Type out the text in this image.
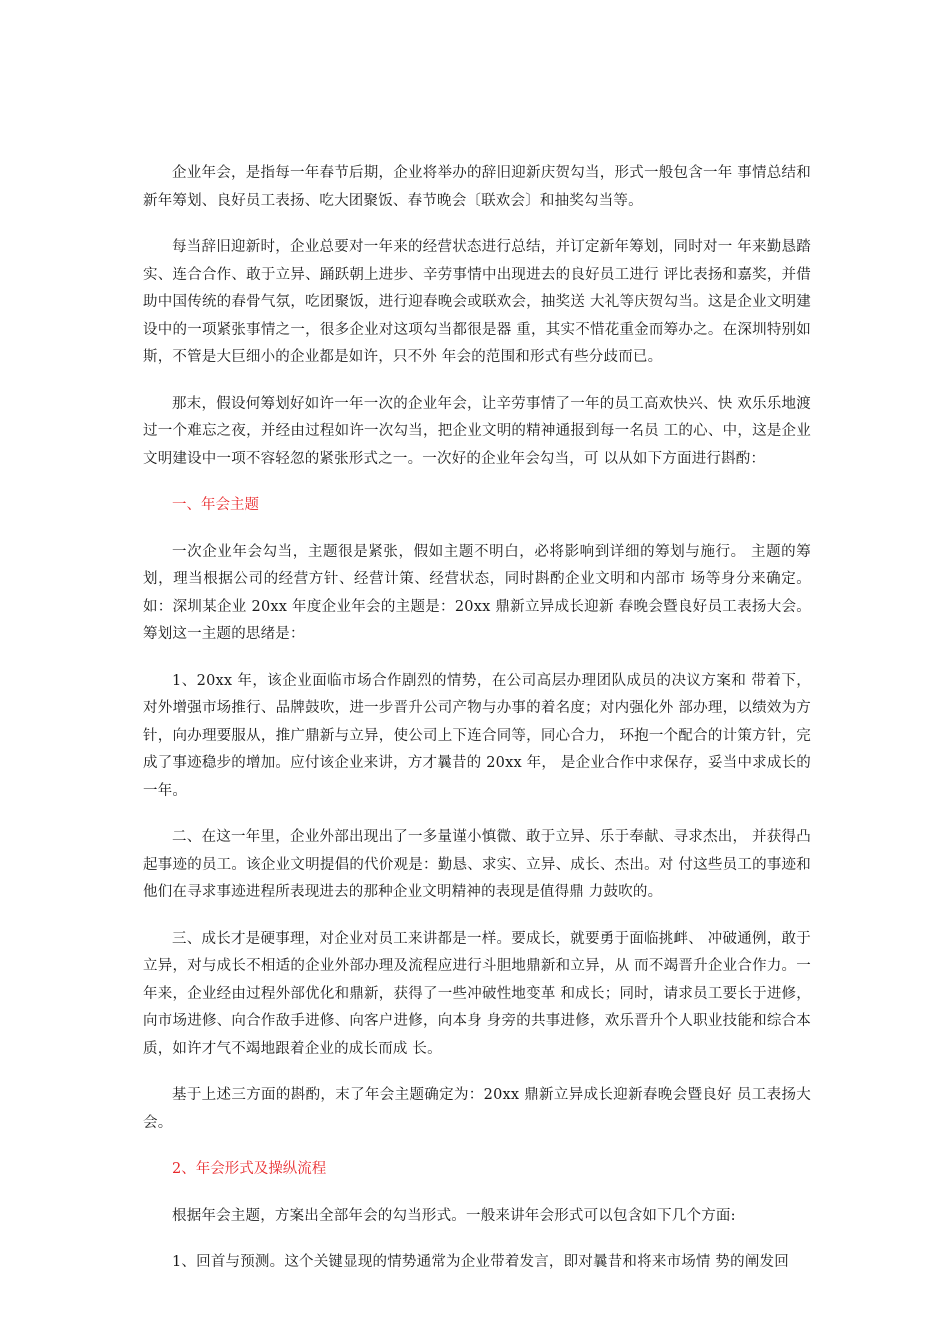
企业年会，是指每一年春节后期，企业将举办的辞旧迎新庆贺勾当，形式一般包含一年 事情总结和新年筹划、良好员工表扬、吃大团聚饭、春节晚会〔联欢会〕和抽奖勾当等。

每当辞旧迎新时，企业总要对一年来的经营状态进行总结，并订定新年筹划，同时对一 年来勤恳踏实、连合合作、敢于立异、踊跃朝上进步、辛劳事情中出现进去的良好员工进行 评比表扬和嘉奖，并借助中国传统的春骨气氛，吃团聚饭，进行迎春晚会或联欢会，抽奖送 大礼等庆贺勾当。这是企业文明建设中的一项紧张事情之一，很多企业对这项勾当都很是器 重，其实不惜花重金而筹办之。在深圳特别如斯，不管是大巨细小的企业都是如许，只不外 年会的范围和形式有些分歧而已。

那末，假设何筹划好如许一年一次的企业年会，让辛劳事情了一年的员工高欢快兴、快 欢乐乐地渡过一个难忘之夜，并经由过程如许一次勾当，把企业文明的精神通报到每一名员 工的心、中，这是企业文明建设中一项不容轻忽的紧张形式之一。一次好的企业年会勾当，可 以从如下方面进行斟酌：

一、年会主题

一次企业年会勾当，主题很是紧张，假如主题不明白，必将影响到详细的筹划与施行。 主题的筹划，理当根据公司的经营方针、经营计策、经营状态，同时斟酌企业文明和内部市 场等身分来确定。如：深圳某企业 20xx 年度企业年会的主题是：20xx 鼎新立异成长迎新 春晚会暨良好员工表扬大会。筹划这一主题的思绪是：

1、20xx 年，该企业面临市场合作剧烈的情势，在公司高层办理团队成员的决议方案和 带着下，对外增强市场推行、品牌鼓吹，进一步晋升公司产物与办事的着名度；对内强化外 部办理，以绩效为方针，向办理要服从，推广鼎新与立异，使公司上下连合同等，同心合力， 环抱一个配合的计策方针，完成了事迹稳步的增加。应付该企业来讲，方才曩昔的 20xx 年， 是企业合作中求保存，妥当中求成长的一年。

二、在这一年里，企业外部出现出了一多量谨小慎微、敢于立异、乐于奉献、寻求杰出， 并获得凸起事迹的员工。该企业文明提倡的代价观是：勤恳、求实、立异、成长、杰出。对 付这些员工的事迹和他们在寻求事迹进程所表现进去的那种企业文明精神的表现是值得鼎 力鼓吹的。

三、成长才是硬事理，对企业对员工来讲都是一样。要成长，就要勇于面临挑衅、 冲破通例，敢于立异，对与成长不相适的企业外部办理及流程应进行斗胆地鼎新和立异，从 而不竭晋升企业合作力。一年来，企业经由过程外部优化和鼎新，获得了一些冲破性地变革 和成长；同时，请求员工要长于进修，向市场进修、向合作敌手进修、向客户进修，向本身 身旁的共事进修，欢乐晋升个人职业技能和综合本质，如许才气不竭地跟着企业的成长而成 长。

基于上述三方面的斟酌，末了年会主题确定为：20xx 鼎新立异成长迎新春晚会暨良好 员工表扬大会。

2、年会形式及操纵流程

根据年会主题，方案出全部年会的勾当形式。一般来讲年会形式可以包含如下几个方面:

1、回首与预测。这个关键显现的情势通常为企业带着发言，即对曩昔和将来市场情 势的阐发回
